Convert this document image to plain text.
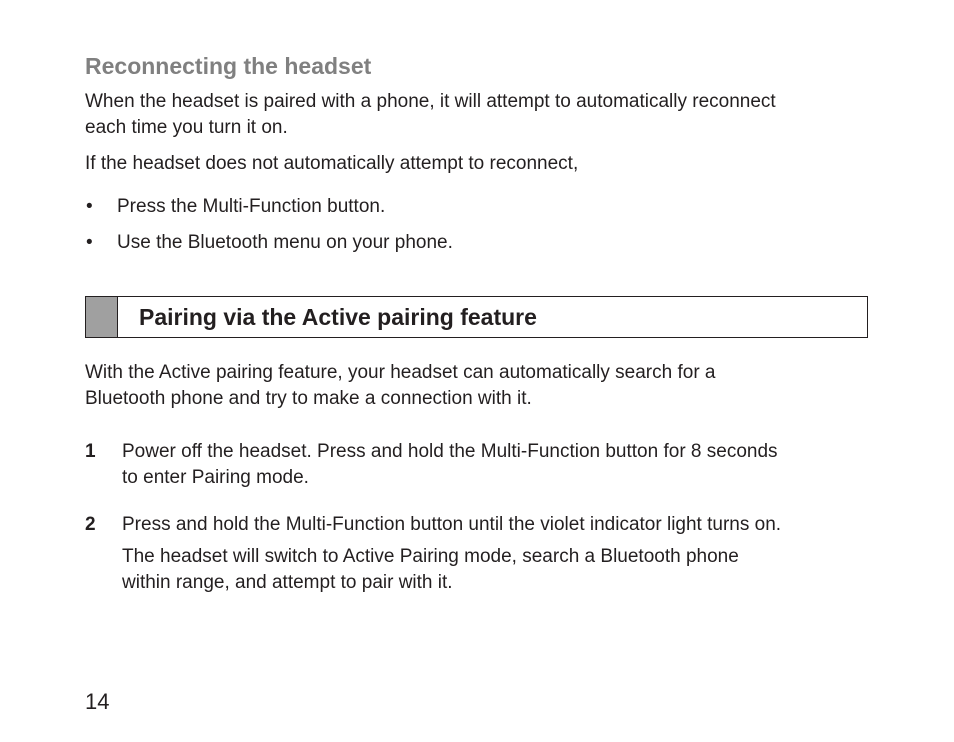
Reconnecting the headset

When the headset is paired with a phone, it will attempt to automatically reconnect

each time you turn it on.

If the headset does not automatically attempt to reconnect,

• Press the Multi-Function button.
• Use the Bluetooth menu on your phone.
Pairing via the Active pairing feature

With the Active pairing feature, your headset can automatically search for a

Bluetooth phone and try to make a connection with it.

1 Power off the headset. Press and hold the Multi-Function button for 8 seconds

to enter Pairing mode.

2 Press and hold the Multi-Function button until the violet indicator light turns on.

The headset will switch to Active Pairing mode, search a Bluetooth phone

within range, and attempt to pair with it.

14
